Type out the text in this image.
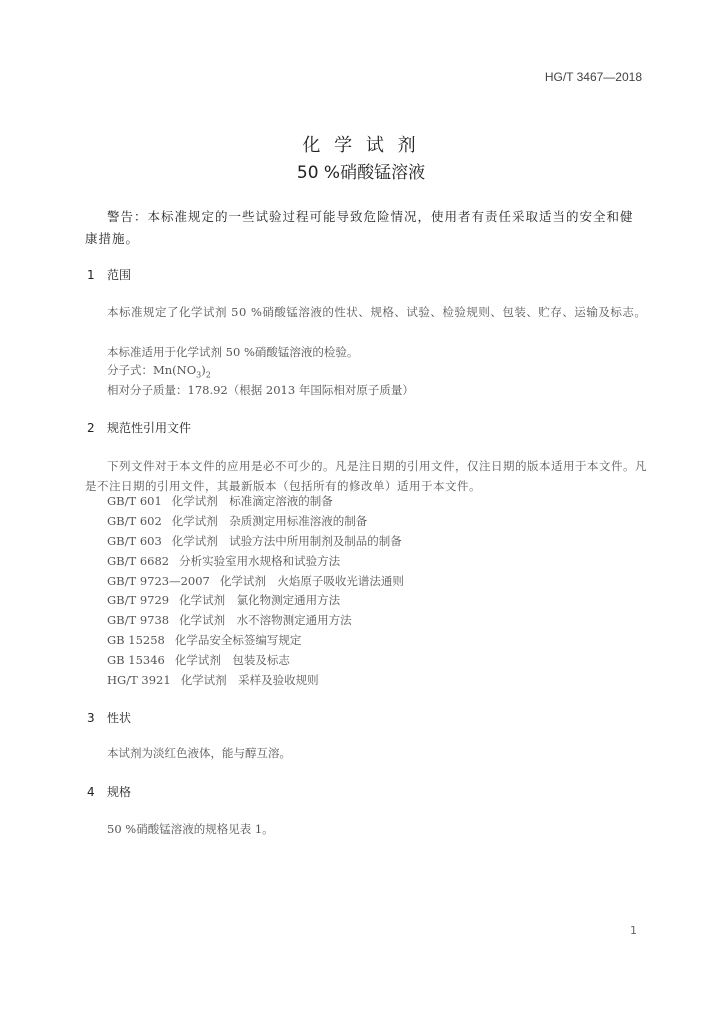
HG/T 3467—2018
化 学 试 剂
50 %硝酸锰溶液
警告：本标准规定的一些试验过程可能导致危险情况，使用者有责任采取适当的安全和健康措施。
1 范围
本标准规定了化学试剂 50 %硝酸锰溶液的性状、规格、试验、检验规则、包装、贮存、运输及标志。
本标准适用于化学试剂 50 %硝酸锰溶液的检验。
分子式：$Mn(NO_3)_2$
相对分子质量：178.92（根据 2013 年国际相对原子质量）
2 规范性引用文件
下列文件对于本文件的应用是必不可少的。凡是注日期的引用文件，仅注日期的版本适用于本文件。凡是不注日期的引用文件，其最新版本（包括所有的修改单）适用于本文件。
GB/T 601 化学试剂　标准滴定溶液的制备
GB/T 602 化学试剂　杂质测定用标准溶液的制备
GB/T 603 化学试剂　试验方法中所用制剂及制品的制备
GB/T 6682 分析实验室用水规格和试验方法
GB/T 9723—2007 化学试剂　火焰原子吸收光谱法通则
GB/T 9729 化学试剂　氯化物测定通用方法
GB/T 9738 化学试剂　水不溶物测定通用方法
GB 15258 化学品安全标签编写规定
GB 15346 化学试剂　包装及标志
HG/T 3921 化学试剂　采样及验收规则
3 性状
本试剂为淡红色液体，能与醇互溶。
4 规格
50 %硝酸锰溶液的规格见表 1。
1
